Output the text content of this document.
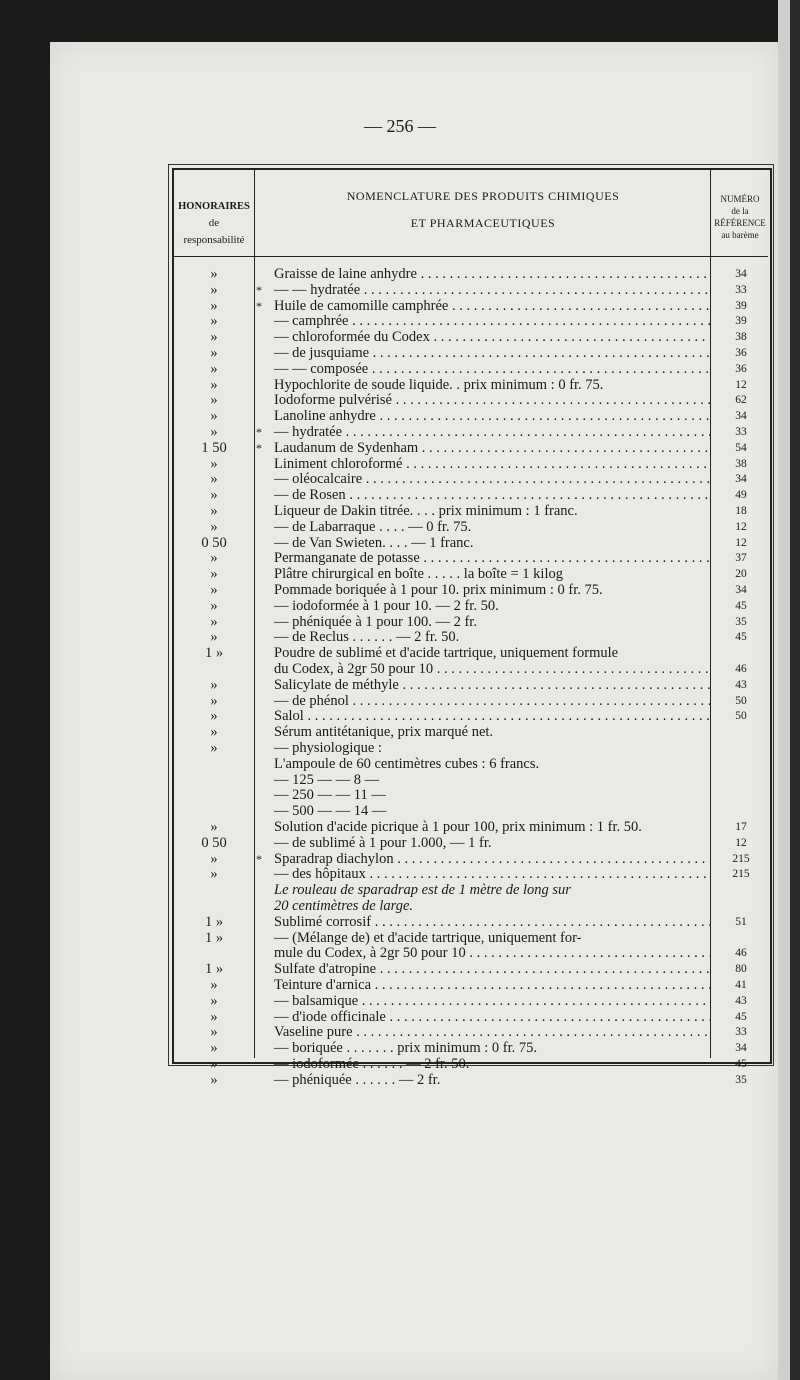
— 256 —
HONORAIRES
de
responsabilité
NOMENCLATURE DES PRODUITS CHIMIQUES
ET PHARMACEUTIQUES
NUMÉRO
de la
RÉFÉRENCE
au barème
»	Graisse de laine anhydre . . .	34
»	* — — hydratée . . .	33
»	* Huile de camomille camphrée . . .	39
»	— camphrée . . .	39
»	— chloroformée du Codex . . .	38
»	— de jusquiame . . .	36
»	— — composée . . .	36
»	Hypochlorite de soude liquide. . prix minimum : 0 fr. 75.	12
»	Iodoforme pulvérisé . . .	62
»	Lanoline anhydre . . .	34
»	* — hydratée . . .	33
1 50	* Laudanum de Sydenham . . .	54
»	Liniment chloroformé . . .	38
»	— oléocalcaire . . .	34
»	— de Rosen . . .	49
»	Liqueur de Dakin titrée. . . . prix minimum : 1 franc.	18
»	— de Labarraque . . . . — 0 fr. 75.	12
0 50	— de Van Swieten. . . . — 1 franc.	12
»	Permanganate de potasse . . .	37
»	Plâtre chirurgical en boîte . . . . . la boîte = 1 kilog	20
»	Pommade boriquée à 1 pour 10. prix minimum : 0 fr. 75.	34
»	— iodoformée à 1 pour 10. — 2 fr. 50.	45
»	— phéniquée à 1 pour 100. — 2 fr.	35
»	— de Reclus . . . . . . — 2 fr. 50.	45
1 »	Poudre de sublimé et d'acide tartrique, uniquement formule
du Codex, à 2gr 50 pour 10 . . .	46
»	Salicylate de méthyle . . .	43
»	— de phénol . . .	50
»	Salol . . .	50
»	Sérum antitétanique, prix marqué net.
»	— physiologique :
L'ampoule de 60 centimètres cubes : 6 francs.
— 125 — — 8 —
— 250 — — 11 —
— 500 — — 14 —
»	Solution d'acide picrique à 1 pour 100, prix minimum : 1 fr. 50.	17
0 50	— de sublimé à 1 pour 1.000, — 1 fr.	12
»	* Sparadrap diachylon . . .	215
»	— des hôpitaux . . .	215
Le rouleau de sparadrap est de 1 mètre de long sur
20 centimètres de large.
1 »	Sublimé corrosif . . .	51
1 »	— (Mélange de) et d'acide tartrique, uniquement for-
mule du Codex, à 2gr 50 pour 10 . . .	46
1 »	Sulfate d'atropine . . .	80
»	Teinture d'arnica . . .	41
»	— balsamique . . .	43
»	— d'iode officinale . . .	45
»	Vaseline pure . . .	33
»	— boriquée . . . . . . . prix minimum : 0 fr. 75.	34
»	— iodoformée . . . . . . — 2 fr. 50.	45
»	— phéniquée . . . . . . — 2 fr.	35
